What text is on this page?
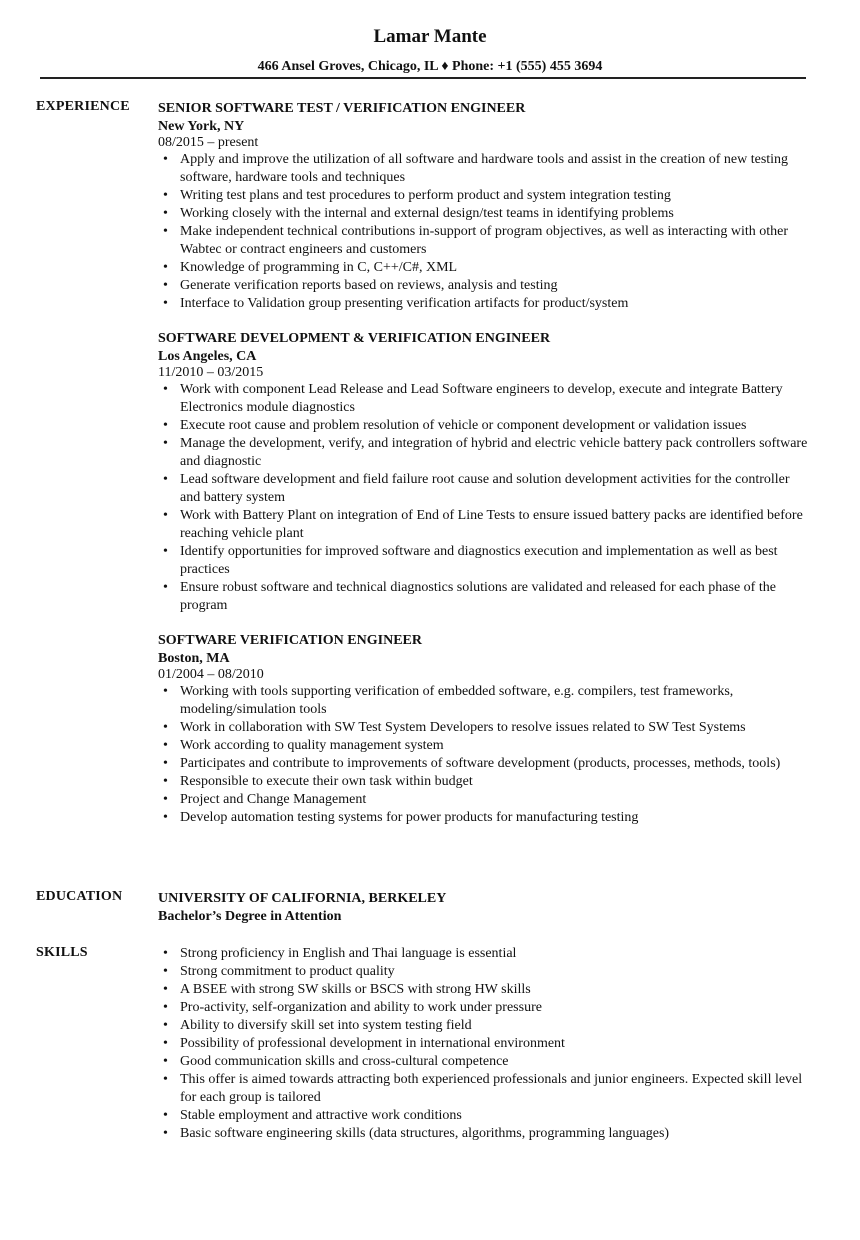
Lamar Mante
466 Ansel Groves, Chicago, IL ♦ Phone: +1 (555) 455 3694
EXPERIENCE SENIOR SOFTWARE TEST / VERIFICATION ENGINEER
New York, NY
08/2015 – present
• Apply and improve the utilization of all software and hardware tools and assist in the creation of new testing software, hardware tools and techniques
• Writing test plans and test procedures to perform product and system integration testing
• Working closely with the internal and external design/test teams in identifying problems
• Make independent technical contributions in-support of program objectives, as well as interacting with other Wabtec or contract engineers and customers
• Knowledge of programming in C, C++/C#, XML
• Generate verification reports based on reviews, analysis and testing
• Interface to Validation group presenting verification artifacts for product/system
SOFTWARE DEVELOPMENT & VERIFICATION ENGINEER
Los Angeles, CA
11/2010 – 03/2015
• Work with component Lead Release and Lead Software engineers to develop, execute and integrate Battery Electronics module diagnostics
• Execute root cause and problem resolution of vehicle or component development or validation issues
• Manage the development, verify, and integration of hybrid and electric vehicle battery pack controllers software and diagnostic
• Lead software development and field failure root cause and solution development activities for the controller and battery system
• Work with Battery Plant on integration of End of Line Tests to ensure issued battery packs are identified before reaching vehicle plant
• Identify opportunities for improved software and diagnostics execution and implementation as well as best practices
• Ensure robust software and technical diagnostics solutions are validated and released for each phase of the program
SOFTWARE VERIFICATION ENGINEER
Boston, MA
01/2004 – 08/2010
• Working with tools supporting verification of embedded software, e.g. compilers, test frameworks, modeling/simulation tools
• Work in collaboration with SW Test System Developers to resolve issues related to SW Test Systems
• Work according to quality management system
• Participates and contribute to improvements of software development (products, processes, methods, tools)
• Responsible to execute their own task within budget
• Project and Change Management
• Develop automation testing systems for power products for manufacturing testing
EDUCATION	UNIVERSITY OF CALIFORNIA, BERKELEY
Bachelor’s Degree in Attention
SKILLS
•	Strong proficiency in English and Thai language is essential
• Strong commitment to product quality
• A BSEE with strong SW skills or BSCS with strong HW skills
• Pro-activity, self-organization and ability to work under pressure
• Ability to diversify skill set into system testing field
• Possibility of professional development in international environment
• Good communication skills and cross-cultural competence
• This offer is aimed towards attracting both experienced professionals and junior engineers. Expected skill level for each group is tailored
• Stable employment and attractive work conditions
• Basic software engineering skills (data structures, algorithms, programming languages)
